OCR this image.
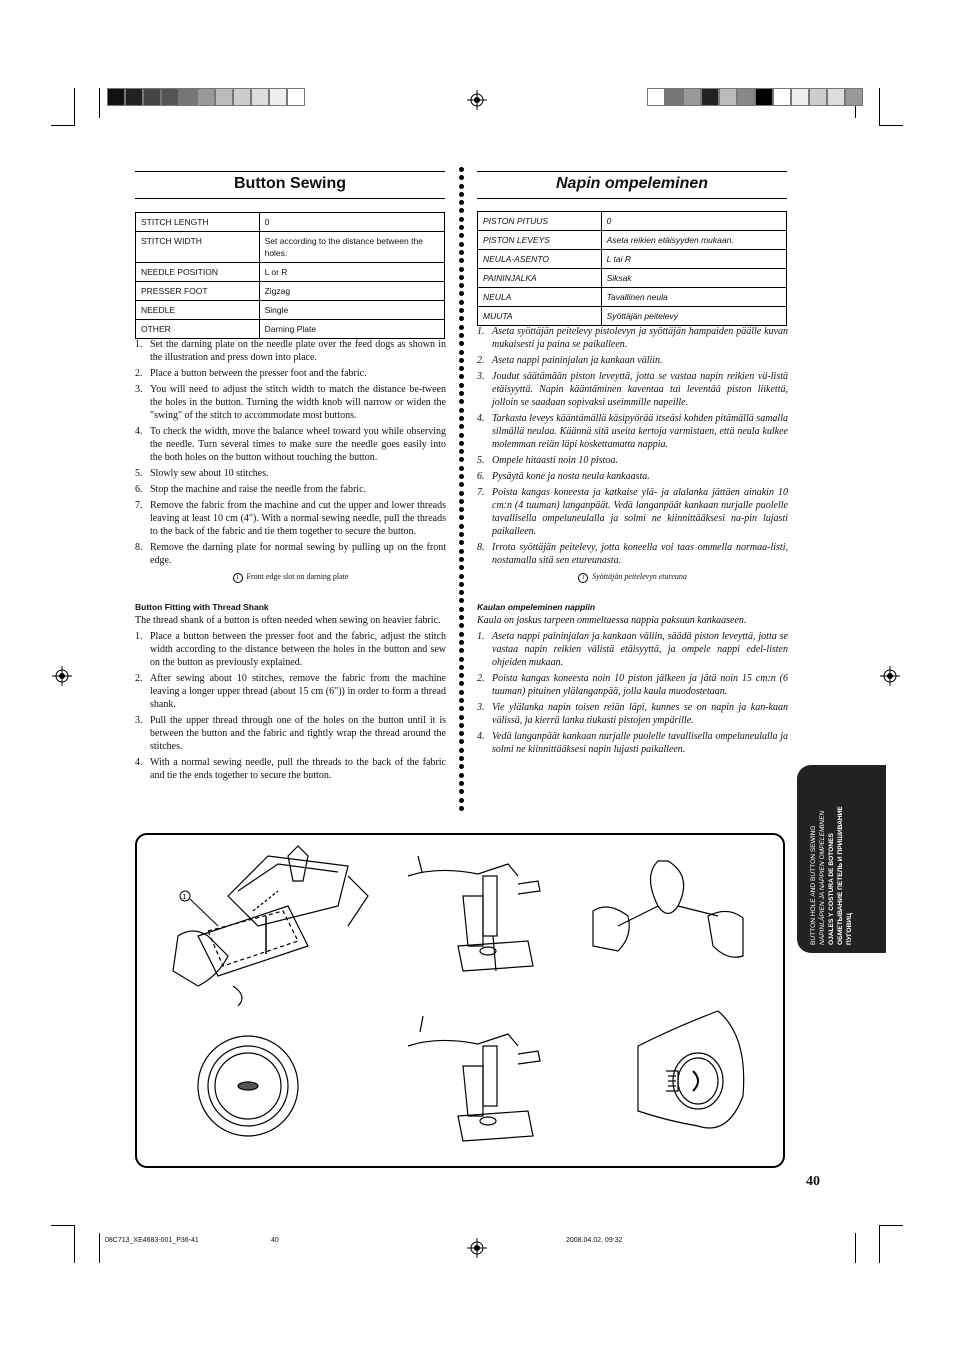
Button Sewing
STITCH LENGTH	0
STITCH WIDTH	Set according to the distance between the holes.
NEEDLE POSITION	L or R
PRESSER FOOT	Zigzag
NEEDLE	Single
OTHER	Darning Plate
1. Set the darning plate on the needle plate over the feed dogs as shown in the illustration and press down into place.
2. Place a button between the presser foot and the fabric.
3. You will need to adjust the stitch width to match the distance be-tween the holes in the button. Turning the width knob will narrow or widen the "swing" of the stitch to accommodate most buttons.
4. To check the width, move the balance wheel toward you while observing the needle. Turn several times to make sure the needle goes easily into the both holes on the button without touching the button.
5. Slowly sew about 10 stitches.
6. Stop the machine and raise the needle from the fabric.
7. Remove the fabric from the machine and cut the upper and lower threads leaving at least 10 cm (4"). With a normal sewing needle, pull the threads to the back of the fabric and tie them together to secure the button.
8. Remove the darning plate for normal sewing by pulling up on the front edge.

1 Front edge slot on darning plate

Button Fitting with Thread Shank
The thread shank of a button is often needed when sewing on heavier fabric.
1. Place a button between the presser foot and the fabric, adjust the stitch width according to the distance between the holes in the button and sew on the button as previously explained.
2. After sewing about 10 stitches, remove the fabric from the machine leaving a longer upper thread (about 15 cm (6")) in order to form a thread shank.
3. Pull the upper thread through one of the holes on the button until it is between the button and the fabric and tightly wrap the thread around the stitches.
4. With a normal sewing needle, pull the threads to the back of the fabric and tie the ends together to secure the button.
Napin ompeleminen
PISTON PITUUS	0
PISTON LEVEYS	Aseta reikien etäisyyden mukaan.
NEULA-ASENTO	L tai R
PAININJALKA	Siksak
NEULA	Tavallinen neula
MUUTA	Syöttäjän peitelevy
1. Aseta syöttäjän peitelevy pistolevyn ja syöttäjän hampaiden päälle kuvan mukaisesti ja paina se paikalleen.
2. Aseta nappi paininjalan ja kankaan väliin.
3. Joudut säätämään piston leveyttä, jotta se vastaa napin reikien vä-listä etäisyyttä. Napin kääntäminen kaventaa tai leventää piston liikettä, jolloin se saadaan sopivaksi useimmille napeille.
4. Tarkasta leveys kääntämällä käsipyörää itseäsi kohden pitämällä samalla silmällä neulaa. Käännä sitä useita kertoja varmistaen, että neula kulkee molemman reiän läpi koskettamatta nappia.
5. Ompele hitaasti noin 10 pistoa.
6. Pysäytä kone ja nosta neula kankaasta.
7. Poista kangas koneesta ja katkaise ylä- ja alalanka jättäen ainakin 10 cm:n (4 tuuman) langanpäät. Vedä langanpäät kankaan nurjalle puolelle tavallisella ompeluneulalla ja solmi ne kiinnittääksesi na-pin lujasti paikalleen.
8. Irrota syöttäjän peitelevy, jotta koneella voi taas ommella normaa-listi, nostamalla sitä sen etureunasta.

1 Syöttäjän peitelevyn etureuna

Kaulan ompeleminen nappiin
Kaula on joskus tarpeen ommeltaessa nappia paksuun kankaaseen.
1. Aseta nappi paininjalan ja kankaan väliin, säädä piston leveyttä, jotta se vastaa napin reikien välistä etäisyyttä, ja ompele nappi edel-listen ohjeiden mukaan.
2. Poista kangas koneesta noin 10 piston jälkeen ja jätä noin 15 cm:n (6 tuuman) pituinen ylälanganpää, jolla kaula muodostetaan.
3. Vie ylälanka napin toisen reiän läpi, kunnes se on napin ja kan-kaan välissä, ja kierrä lanka tiukasti pistojen ympärille.
4. Vedä langanpäät kankaan nurjalle puolelle tavallisella ompeluneulalla ja solmi ne kiinnittääksesi napin lujasti paikalleen.
BUTTON HOLE AND BUTTON SEWING NAPINLÄPIEN JA NAPPIEN OMPELEMINEN OJALES Y COSTURA DE BOTONES ОБМЕТЫВАНИЕ ПЕТЕЛЬ И ПРИШИВАНИЕ ПУГОВИЦ
1
40
08C713_XE4683-001_P36-41	40	2008.04.02, 09:32
